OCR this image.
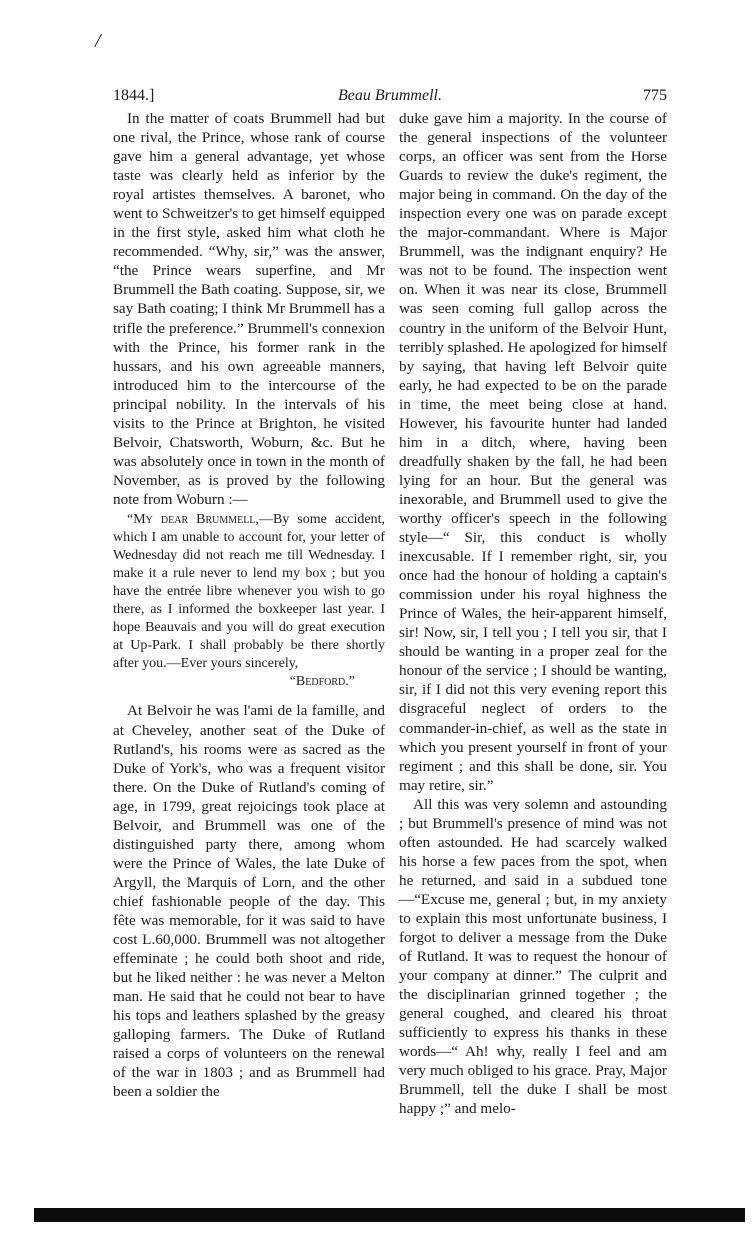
/
1844.]	Beau Brummell.	775

In the matter of coats Brummell had but one rival, the Prince, whose rank of course gave him a general advantage, yet whose taste was clearly held as inferior by the royal artistes themselves. A baronet, who went to Schweitzer's to get himself equipped in the first style, asked him what cloth he recommended. “Why, sir,” was the answer, “the Prince wears superfine, and Mr Brummell the Bath coating. Suppose, sir, we say Bath coating; I think Mr Brummell has a trifle the preference.” Brummell's connexion with the Prince, his former rank in the hussars, and his own agreeable manners, introduced him to the intercourse of the principal nobility. In the intervals of his visits to the Prince at Brighton, he visited Belvoir, Chatsworth, Woburn, &c. But he was absolutely once in town in the month of November, as is proved by the following note from Woburn :—

“My dear Brummell,—By some accident, which I am unable to account for, your letter of Wednesday did not reach me till Wednesday. I make it a rule never to lend my box ; but you have the entrée libre whenever you wish to go there, as I informed the boxkeeper last year. I hope Beauvais and you will do great execution at Up-Park. I shall probably be there shortly after you.—Ever yours sincerely,
“Bedford.”

At Belvoir he was l'ami de la famille, and at Cheveley, another seat of the Duke of Rutland's, his rooms were as sacred as the Duke of York's, who was a frequent visitor there. On the Duke of Rutland's coming of age, in 1799, great rejoicings took place at Belvoir, and Brummell was one of the distinguished party there, among whom were the Prince of Wales, the late Duke of Argyll, the Marquis of Lorn, and the other chief fashionable people of the day. This fête was memorable, for it was said to have cost L.60,000. Brummell was not altogether effeminate ; he could both shoot and ride, but he liked neither : he was never a Melton man. He said that he could not bear to have his tops and leathers splashed by the greasy galloping farmers. The Duke of Rutland raised a corps of volunteers on the renewal of the war in 1803 ; and as Brummell had been a soldier the

duke gave him a majority. In the course of the general inspections of the volunteer corps, an officer was sent from the Horse Guards to review the duke's regiment, the major being in command. On the day of the inspection every one was on parade except the major-commandant. Where is Major Brummell, was the indignant enquiry? He was not to be found. The inspection went on. When it was near its close, Brummell was seen coming full gallop across the country in the uniform of the Belvoir Hunt, terribly splashed. He apologized for himself by saying, that having left Belvoir quite early, he had expected to be on the parade in time, the meet being close at hand. However, his favourite hunter had landed him in a ditch, where, having been dreadfully shaken by the fall, he had been lying for an hour. But the general was inexorable, and Brummell used to give the worthy officer's speech in the following style—“ Sir, this conduct is wholly inexcusable. If I remember right, sir, you once had the honour of holding a captain's commission under his royal highness the Prince of Wales, the heir-apparent himself, sir! Now, sir, I tell you ; I tell you sir, that I should be wanting in a proper zeal for the honour of the service ; I should be wanting, sir, if I did not this very evening report this disgraceful neglect of orders to the commander-in-chief, as well as the state in which you present yourself in front of your regiment ; and this shall be done, sir. You may retire, sir.”

All this was very solemn and astounding ; but Brummell's presence of mind was not often astounded. He had scarcely walked his horse a few paces from the spot, when he returned, and said in a subdued tone—“Excuse me, general ; but, in my anxiety to explain this most unfortunate business, I forgot to deliver a message from the Duke of Rutland. It was to request the honour of your company at dinner.” The culprit and the disciplinarian grinned together ; the general coughed, and cleared his throat sufficiently to express his thanks in these words—“ Ah! why, really I feel and am very much obliged to his grace. Pray, Major Brummell, tell the duke I shall be most happy ;” and melo-
